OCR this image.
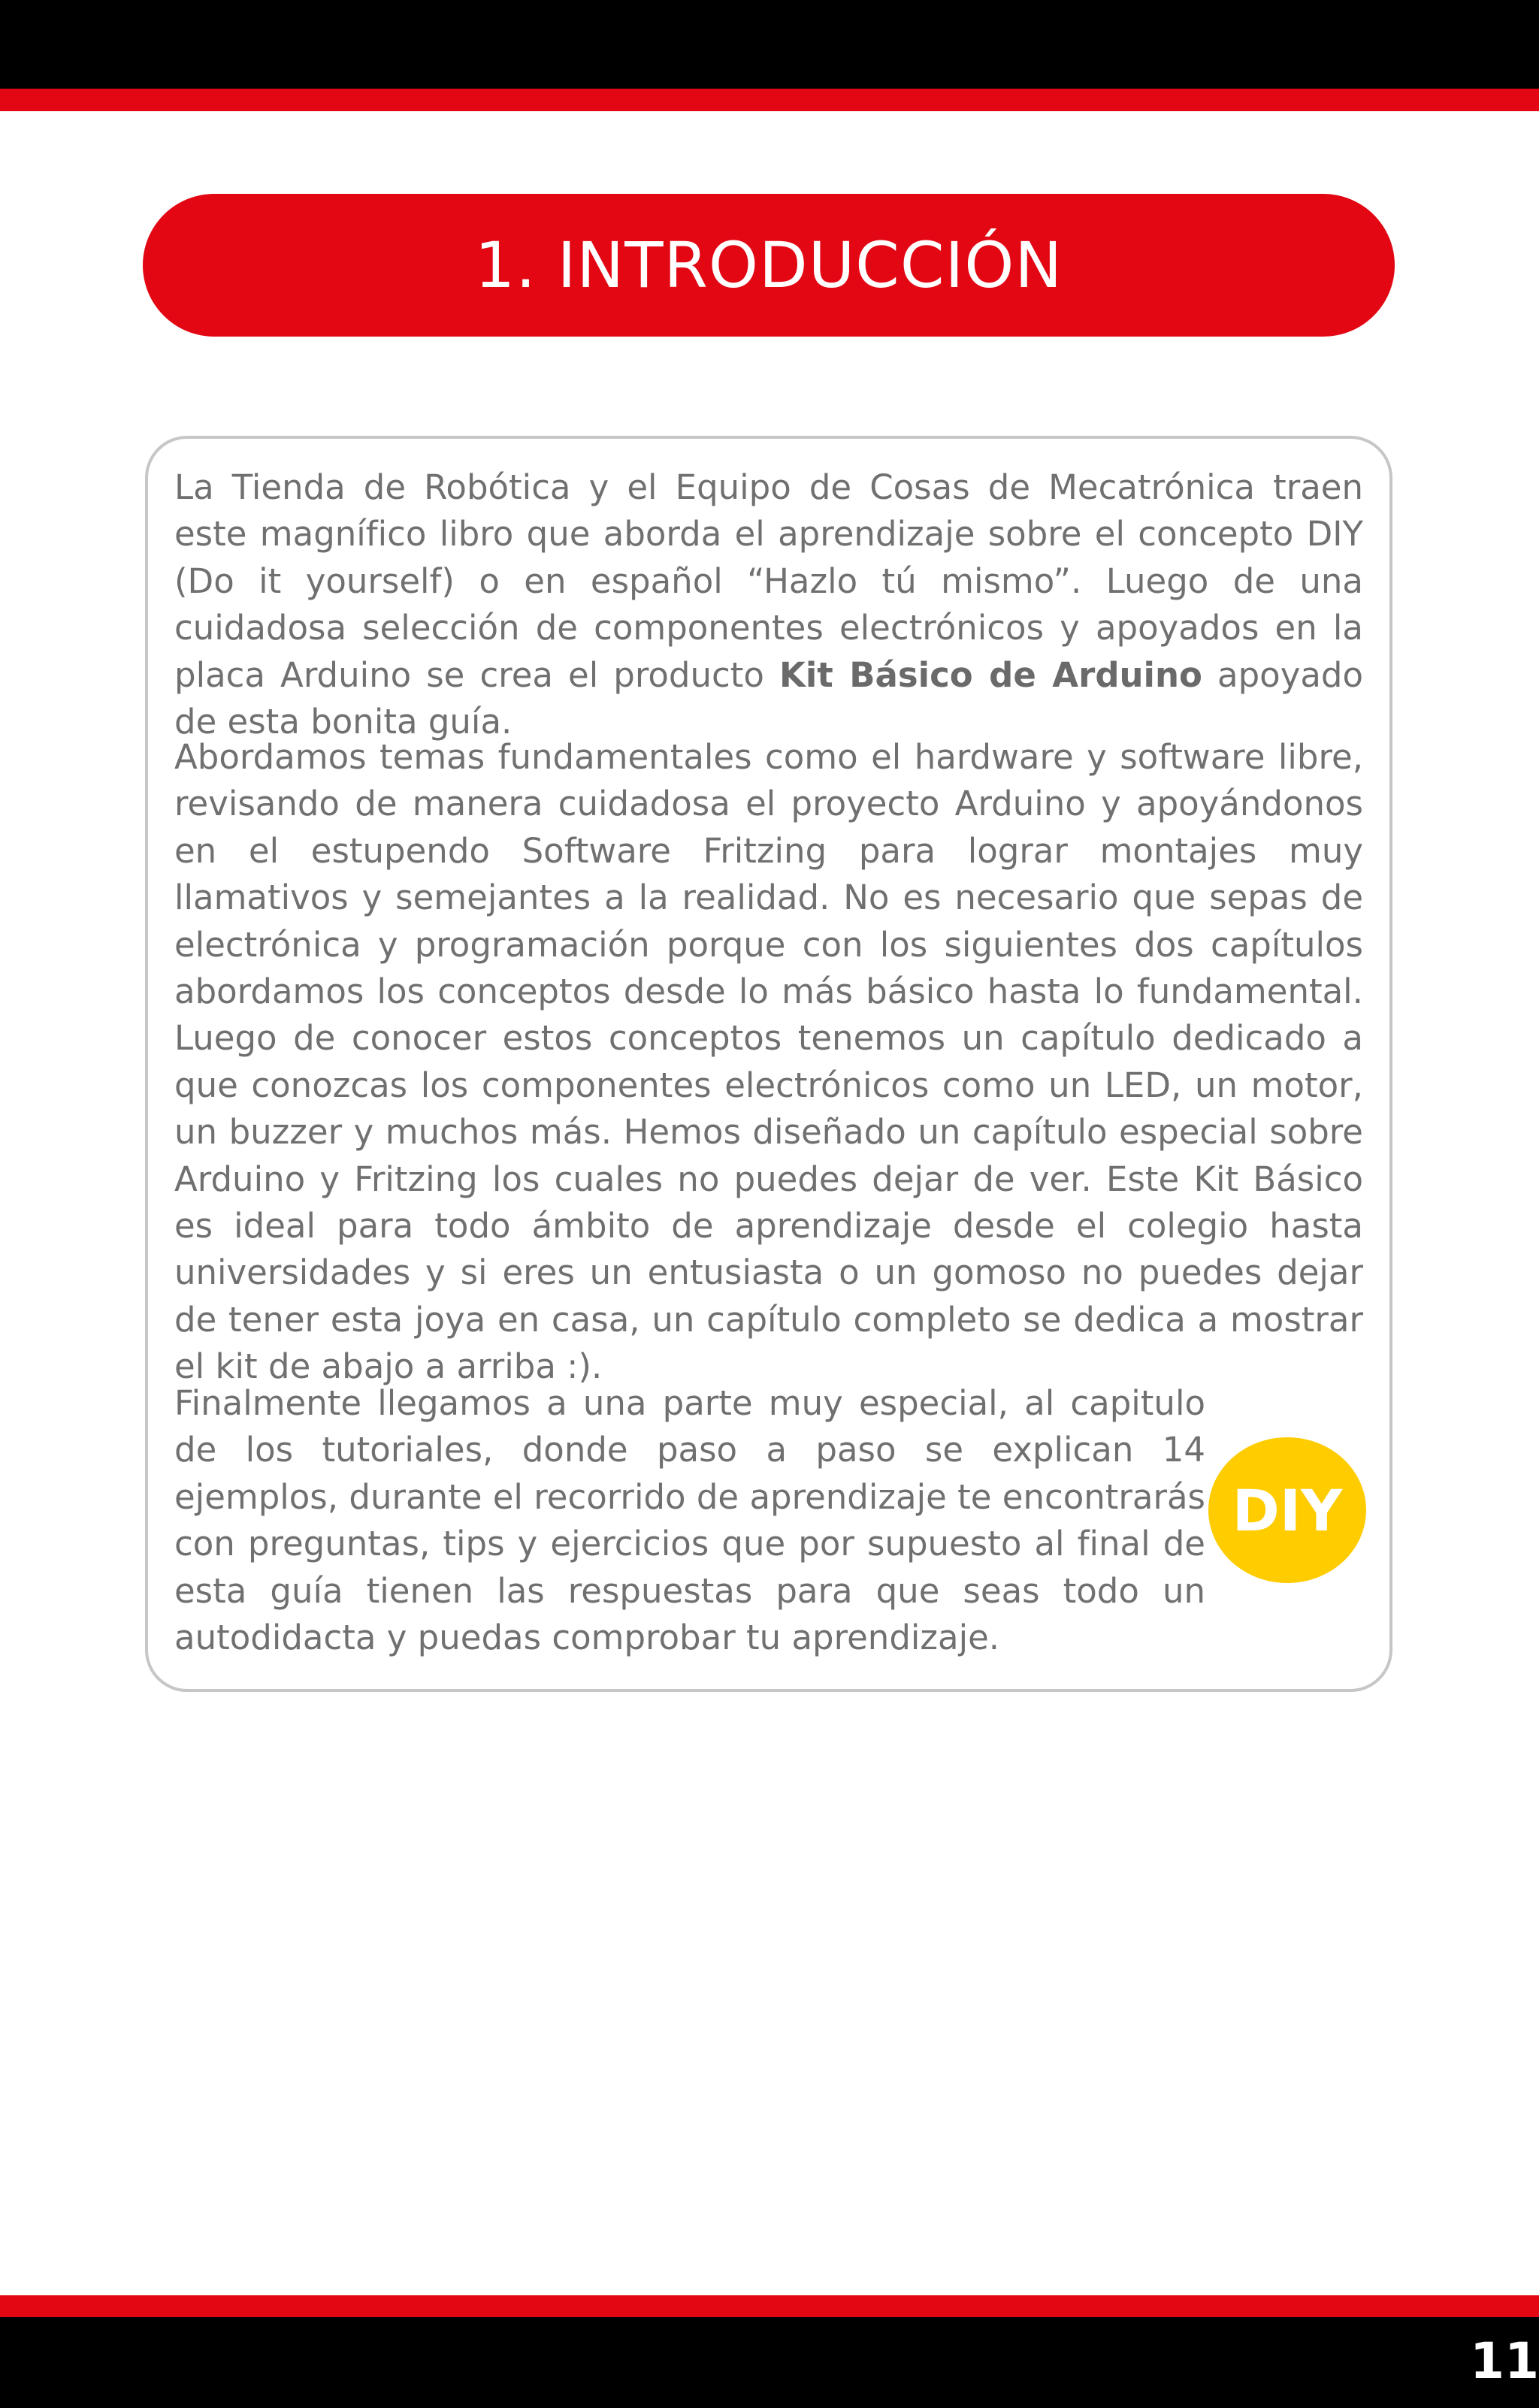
1. INTRODUCCIÓN

La Tienda de Robótica y el Equipo de Cosas de Mecatrónica traen este magnífico libro que aborda el aprendizaje sobre el concepto DIY (Do it yourself) o en español “Hazlo tú mismo”. Luego de una cuidadosa selección de componentes electrónicos y apoyados en la placa Arduino se crea el producto Kit Básico de Arduino apoyado de esta bonita guía.

Abordamos temas fundamentales como el hardware y software libre, revisando de manera cuidadosa el proyecto Arduino y apoyándonos en el estupendo Software Fritzing para lograr montajes muy llamativos y semejantes a la realidad. No es necesario que sepas de electrónica y programación porque con los siguientes dos capítulos abordamos los conceptos desde lo más básico hasta lo fundamental. Luego de conocer estos conceptos tenemos un capítulo dedicado a que conozcas los componentes electrónicos como un LED, un motor, un buzzer y muchos más. Hemos diseñado un capítulo especial sobre Arduino y Fritzing los cuales no puedes dejar de ver. Este Kit Básico es ideal para todo ámbito de aprendizaje desde el colegio hasta universidades y si eres un entusiasta o un gomoso no puedes dejar de tener esta joya en casa, un capítulo completo se dedica a mostrar el kit de abajo a arriba :).

Finalmente llegamos a una parte muy especial, al capitulo de los tutoriales, donde paso a paso se explican 14 ejemplos, durante el recorrido de aprendizaje te encontrarás con preguntas, tips y ejercicios que por supuesto al final de esta guía tienen las respuestas para que seas todo un autodidacta y puedas comprobar tu aprendizaje.

DIY
11
